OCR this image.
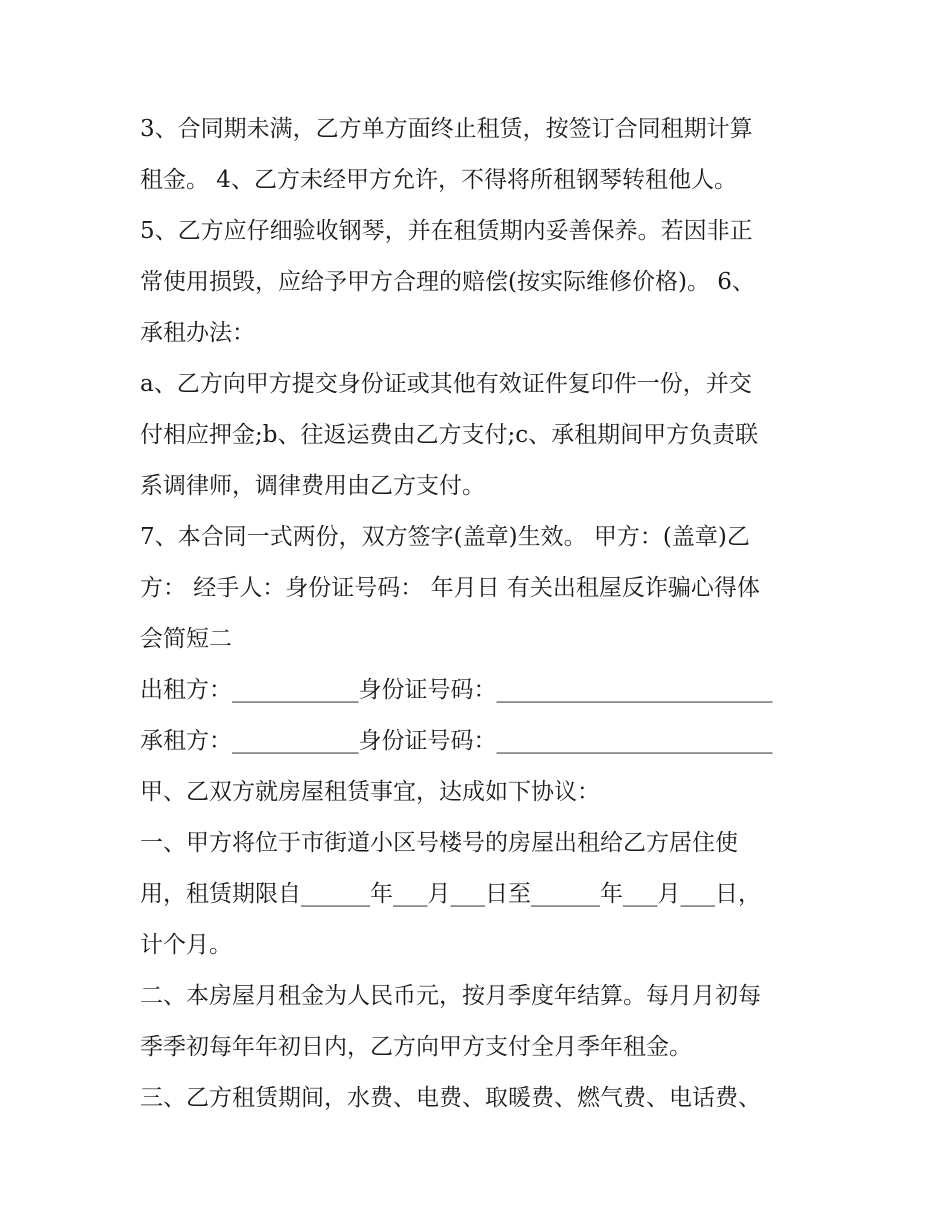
3、合同期未满，乙方单方面终止租赁，按签订合同租期计算
租金。 4、乙方未经甲方允许，不得将所租钢琴转租他人。
5、乙方应仔细验收钢琴，并在租赁期内妥善保养。若因非正
常使用损毁，应给予甲方合理的赔偿(按实际维修价格)。 6、
承租办法：
a、乙方向甲方提交身份证或其他有效证件复印件一份，并交
付相应押金;b、往返运费由乙方支付;c、承租期间甲方负责联
系调律师，调律费用由乙方支付。
7、本合同一式两份，双方签字(盖章)生效。 甲方：(盖章)乙
方： 经手人：身份证号码： 年月日 有关出租屋反诈骗心得体
会简短二
出租方：___________身份证号码：________________________
承租方：___________身份证号码：________________________
甲、乙双方就房屋租赁事宜，达成如下协议：
一、甲方将位于市街道小区号楼号的房屋出租给乙方居住使
用，租赁期限自______年___月___日至______年___月___日，
计个月。
二、本房屋月租金为人民币元，按月季度年结算。每月月初每
季季初每年年初日内，乙方向甲方支付全月季年租金。
三、乙方租赁期间，水费、电费、取暖费、燃气费、电话费、
